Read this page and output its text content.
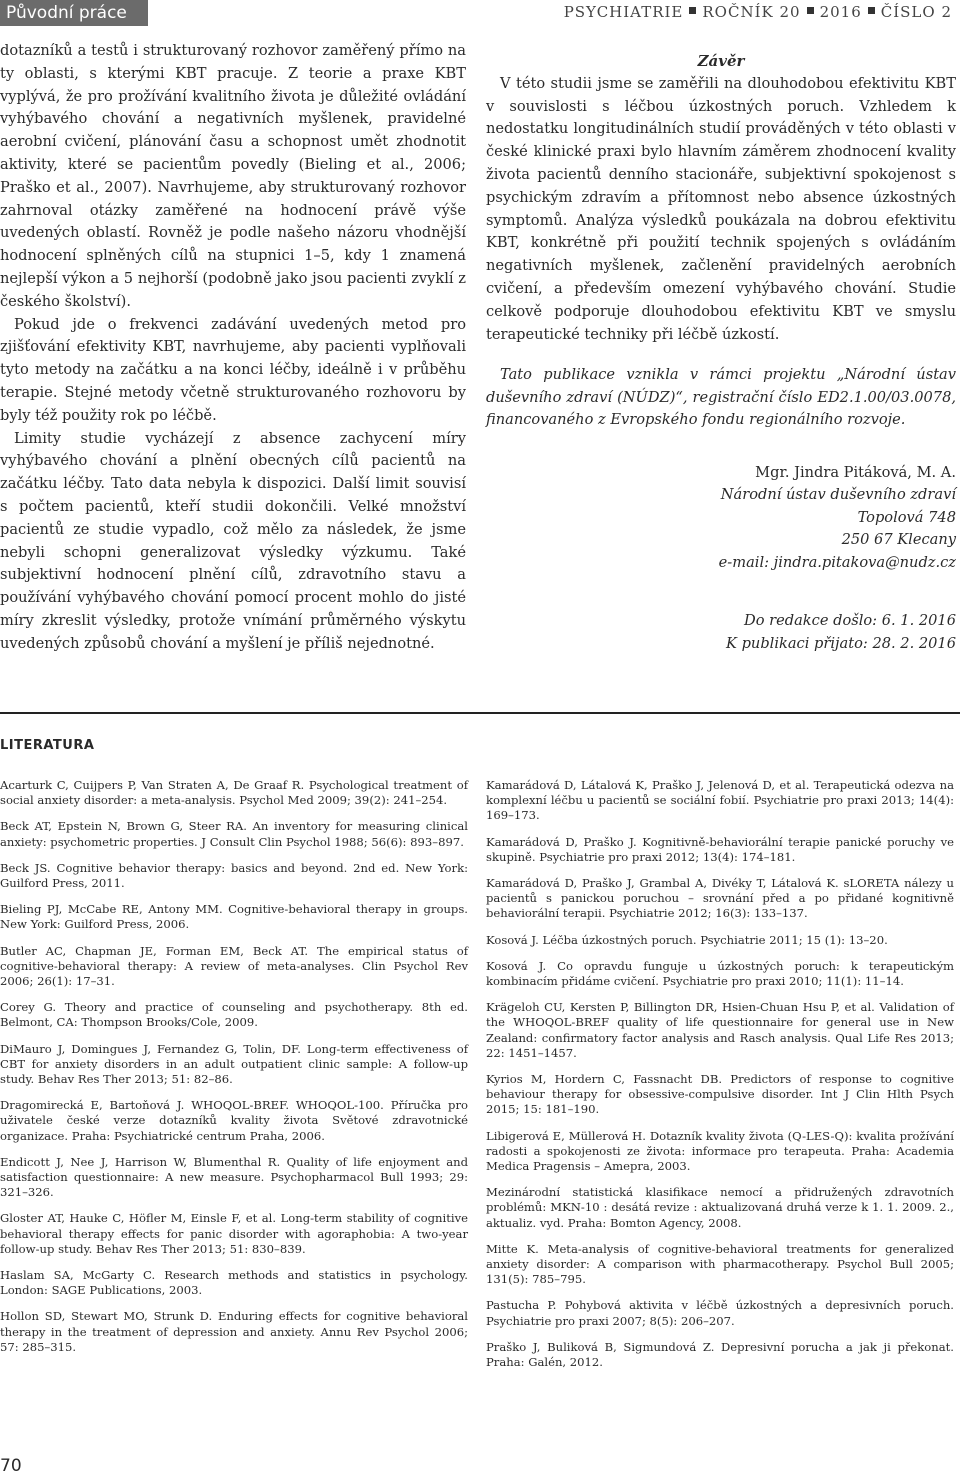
Původní práce	PSYCHIATRIE ROČNÍK 20 2016 ČÍSLO 2

dotazníků a testů i strukturovaný rozhovor zaměřený přímo na ty oblasti, s kterými KBT pracuje. Z teorie a praxe KBT vyplývá, že pro prožívání kvalitního života je důležité ovládání vyhýbavého chování a negativních myšlenek, pravidelné aerobní cvičení, plánování času a schopnost umět zhodnotit aktivity, které se pacientům povedly (Bieling et al., 2006; Praško et al., 2007). Navrhujeme, aby strukturovaný rozhovor zahrnoval otázky zaměřené na hodnocení právě výše uvedených oblastí. Rovněž je podle našeho názoru vhodnější hodnocení splněných cílů na stupnici 1–5, kdy 1 znamená nejlepší výkon a 5 nejhorší (podobně jako jsou pacienti zvyklí z českého školství).

Pokud jde o frekvenci zadávání uvedených metod pro zjišťování efektivity KBT, navrhujeme, aby pacienti vyplňovali tyto metody na začátku a na konci léčby, ideálně i v průběhu terapie. Stejné metody včetně strukturovaného rozhovoru by byly též použity rok po léčbě.

Limity studie vycházejí z absence zachycení míry vyhýbavého chování a plnění obecných cílů pacientů na začátku léčby. Tato data nebyla k dispozici. Další limit souvisí s počtem pacientů, kteří studii dokončili. Velké množství pacientů ze studie vypadlo, což mělo za následek, že jsme nebyli schopni generalizovat výsledky výzkumu. Také subjektivní hodnocení plnění cílů, zdravotního stavu a používání vyhýbavého chování pomocí procent mohlo do jisté míry zkreslit výsledky, protože vnímání průměrného výskytu uvedených způsobů chování a myšlení je příliš nejednotné.

Závěr

V této studii jsme se zaměřili na dlouhodobou efektivitu KBT v souvislosti s léčbou úzkostných poruch. Vzhledem k nedostatku longitudinálních studií prováděných v této oblasti v české klinické praxi bylo hlavním záměrem zhodnocení kvality života pacientů denního stacionáře, subjektivní spokojenost s psychickým zdravím a přítomnost nebo absence úzkostných symptomů. Analýza výsledků poukázala na dobrou efektivitu KBT, konkrétně při použití technik spojených s ovládáním negativních myšlenek, začlenění pravidelných aerobních cvičení, a především omezení vyhýbavého chování. Studie celkově podporuje dlouhodobou efektivitu KBT ve smyslu terapeutické techniky při léčbě úzkostí.

Tato publikace vznikla v rámci projektu „Národní ústav duševního zdraví (NÚDZ)“, registrační číslo ED2.1.00/03.0078, financovaného z Evropského fondu regionálního rozvoje.

Mgr. Jindra Pitáková, M. A.
Národní ústav duševního zdraví
Topolová 748
250 67 Klecany
e-mail: jindra.pitakova@nudz.cz
Do redakce došlo: 6. 1. 2016
K publikaci přijato: 28. 2. 2016
LITERATURA

Acarturk C, Cuijpers P, Van Straten A, De Graaf R. Psychological treatment of social anxiety disorder: a meta-analysis. Psychol Med 2009; 39(2): 241–254.

Beck AT, Epstein N, Brown G, Steer RA. An inventory for measuring clinical anxiety: psychometric properties. J Consult Clin Psychol 1988; 56(6): 893–897.

Beck JS. Cognitive behavior therapy: basics and beyond. 2nd ed. New York: Guilford Press, 2011.

Bieling PJ, McCabe RE, Antony MM. Cognitive-behavioral therapy in groups. New York: Guilford Press, 2006.

Butler AC, Chapman JE, Forman EM, Beck AT. The empirical status of cognitive-behavioral therapy: A review of meta-analyses. Clin Psychol Rev 2006; 26(1): 17–31.

Corey G. Theory and practice of counseling and psychotherapy. 8th ed. Belmont, CA: Thompson Brooks/Cole, 2009.

DiMauro J, Domingues J, Fernandez G, Tolin, DF. Long-term effectiveness of CBT for anxiety disorders in an adult outpatient clinic sample: A follow-up study. Behav Res Ther 2013; 51: 82–86.

Dragomirecká E, Bartoňová J. WHOQOL-BREF. WHOQOL-100. Příručka pro uživatele české verze dotazníků kvality života Světové zdravotnické organizace. Praha: Psychiatrické centrum Praha, 2006.

Endicott J, Nee J, Harrison W, Blumenthal R. Quality of life enjoyment and satisfaction questionnaire: A new measure. Psychopharmacol Bull 1993; 29: 321–326.

Gloster AT, Hauke C, Höfler M, Einsle F, et al. Long-term stability of cognitive behavioral therapy effects for panic disorder with agoraphobia: A two-year follow-up study. Behav Res Ther 2013; 51: 830–839.

Haslam SA, McGarty C. Research methods and statistics in psychology. London: SAGE Publications, 2003.

Hollon SD, Stewart MO, Strunk D. Enduring effects for cognitive behavioral therapy in the treatment of depression and anxiety. Annu Rev Psychol 2006; 57: 285–315.

Kamarádová D, Látalová K, Praško J, Jelenová D, et al. Terapeutická odezva na komplexní léčbu u pacientů se sociální fobií. Psychiatrie pro praxi 2013; 14(4): 169–173.

Kamarádová D, Praško J. Kognitivně-behaviorální terapie panické poruchy ve skupině. Psychiatrie pro praxi 2012; 13(4): 174–181.

Kamarádová D, Praško J, Grambal A, Divéky T, Látalová K. sLORETA nálezy u pacientů s panickou poruchou – srovnání před a po přidané kognitivně behaviorální terapii. Psychiatrie 2012; 16(3): 133–137.

Kosová J. Léčba úzkostných poruch. Psychiatrie 2011; 15 (1): 13–20.

Kosová J. Co opravdu funguje u úzkostných poruch: k terapeutickým kombinacím přidáme cvičení. Psychiatrie pro praxi 2010; 11(1): 11–14.

Krägeloh CU, Kersten P, Billington DR, Hsien-Chuan Hsu P, et al. Validation of the WHOQOL-BREF quality of life questionnaire for general use in New Zealand: confirmatory factor analysis and Rasch analysis. Qual Life Res 2013; 22: 1451–1457.

Kyrios M, Hordern C, Fassnacht DB. Predictors of response to cognitive behaviour therapy for obsessive-compulsive disorder. Int J Clin Hlth Psych 2015; 15: 181–190.

Libigerová E, Müllerová H. Dotazník kvality života (Q-LES-Q): kvalita prožívání radosti a spokojenosti ze života: informace pro terapeuta. Praha: Academia Medica Pragensis – Amepra, 2003.

Mezinárodní statistická klasifikace nemocí a přidružených zdravotních problémů: MKN-10 : desátá revize : aktualizovaná druhá verze k 1. 1. 2009. 2., aktualiz. vyd. Praha: Bomton Agency, 2008.

Mitte K. Meta-analysis of cognitive-behavioral treatments for generalized anxiety disorder: A comparison with pharmacotherapy. Psychol Bull 2005; 131(5): 785–795.

Pastucha P. Pohybová aktivita v léčbě úzkostných a depresivních poruch. Psychiatrie pro praxi 2007; 8(5): 206–207.

Praško J, Buliková B, Sigmundová Z. Depresivní porucha a jak ji překonat. Praha: Galén, 2012.

70
